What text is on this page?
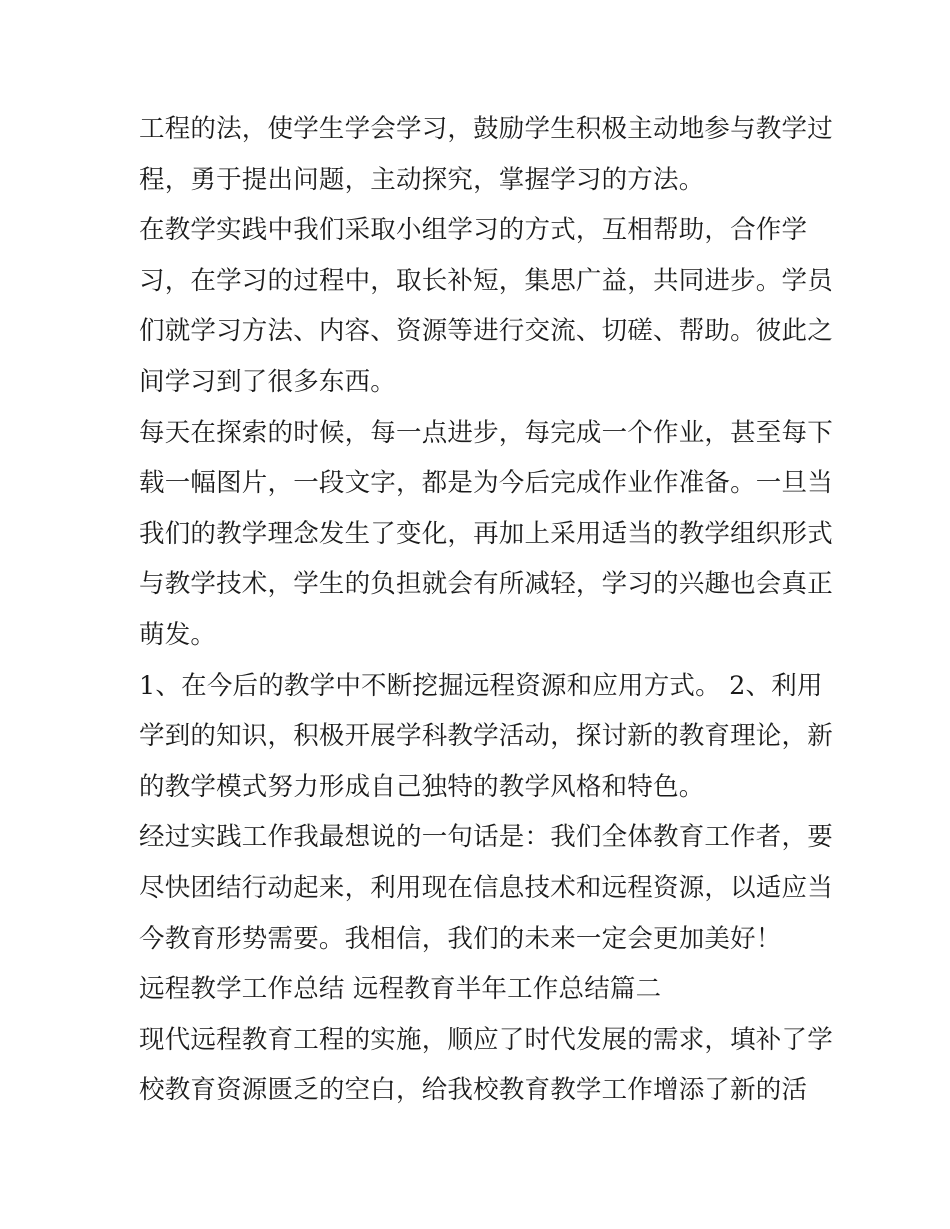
工程的法，使学生学会学习，鼓励学生积极主动地参与教学过
程，勇于提出问题，主动探究，掌握学习的方法。
在教学实践中我们采取小组学习的方式，互相帮助，合作学
习，在学习的过程中，取长补短，集思广益，共同进步。学员
们就学习方法、内容、资源等进行交流、切磋、帮助。彼此之
间学习到了很多东西。
每天在探索的时候，每一点进步，每完成一个作业，甚至每下
载一幅图片，一段文字，都是为今后完成作业作准备。一旦当
我们的教学理念发生了变化，再加上采用适当的教学组织形式
与教学技术，学生的负担就会有所减轻，学习的兴趣也会真正
萌发。
1、在今后的教学中不断挖掘远程资源和应用方式。 2、利用
学到的知识，积极开展学科教学活动，探讨新的教育理论，新
的教学模式努力形成自己独特的教学风格和特色。
经过实践工作我最想说的一句话是：我们全体教育工作者，要
尽快团结行动起来，利用现在信息技术和远程资源，以适应当
今教育形势需要。我相信，我们的未来一定会更加美好！
远程教学工作总结 远程教育半年工作总结篇二
现代远程教育工程的实施，顺应了时代发展的需求，填补了学
校教育资源匮乏的空白，给我校教育教学工作增添了新的活
